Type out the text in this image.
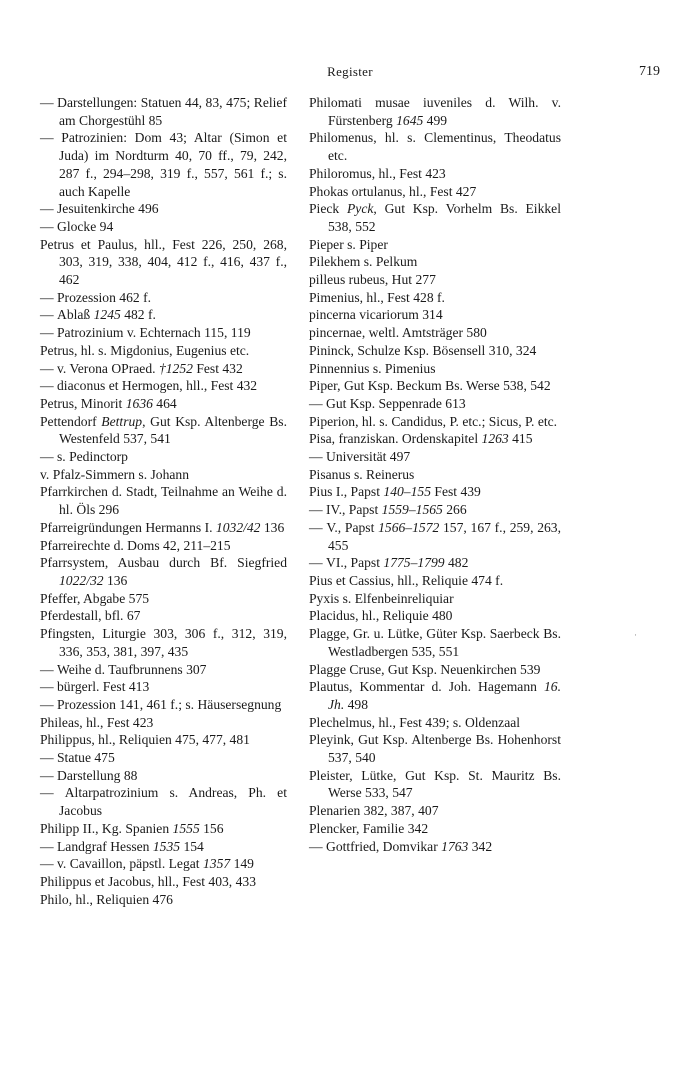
Register	719
— Darstellungen: Statuen 44, 83, 475; Relief am Chorgestühl 85
— Patrozinien: Dom 43; Altar (Simon et Juda) im Nordturm 40, 70 ff., 79, 242, 287 f., 294–298, 319 f., 557, 561 f.; s. auch Kapelle
— Jesuitenkirche 496
— Glocke 94
Petrus et Paulus, hll., Fest 226, 250, 268, 303, 319, 338, 404, 412 f., 416, 437 f., 462
— Prozession 462 f.
— Ablaß 1245 482 f.
— Patrozinium v. Echternach 115, 119
Petrus, hl. s. Migdonius, Eugenius etc.
— v. Verona OPraed. †1252 Fest 432
— diaconus et Hermogen, hll., Fest 432
Petrus, Minorit 1636 464
Pettendorf Bettrup, Gut Ksp. Altenberge Bs. Westenfeld 537, 541
— s. Pedinctorp
v. Pfalz-Simmern s. Johann
Pfarrkirchen d. Stadt, Teilnahme an Weihe d. hl. Öls 296
Pfarreigründungen Hermanns I. 1032/42 136
Pfarreirechte d. Doms 42, 211–215
Pfarrsystem, Ausbau durch Bf. Siegfried 1022/32 136
Pfeffer, Abgabe 575
Pferdestall, bfl. 67
Pfingsten, Liturgie 303, 306 f., 312, 319, 336, 353, 381, 397, 435
— Weihe d. Taufbrunnens 307
— bürgerl. Fest 413
— Prozession 141, 461 f.; s. Häusersegnung
Phileas, hl., Fest 423
Philippus, hl., Reliquien 475, 477, 481
— Statue 475
— Darstellung 88
— Altarpatrozinium s. Andreas, Ph. et Jacobus
Philipp II., Kg. Spanien 1555 156
— Landgraf Hessen 1535 154
— v. Cavaillon, päpstl. Legat 1357 149
Philippus et Jacobus, hll., Fest 403, 433
Philo, hl., Reliquien 476
Philomati musae iuveniles d. Wilh. v. Fürstenberg 1645 499
Philomenus, hl. s. Clementinus, Theodatus etc.
Philoromus, hl., Fest 423
Phokas ortulanus, hl., Fest 427
Pieck Pyck, Gut Ksp. Vorhelm Bs. Eikkel 538, 552
Pieper s. Piper
Pilekhem s. Pelkum
pilleus rubeus, Hut 277
Pimenius, hl., Fest 428 f.
pincerna vicariorum 314
pincernae, weltl. Amtsträger 580
Pininck, Schulze Ksp. Bösensell 310, 324
Pinnennius s. Pimenius
Piper, Gut Ksp. Beckum Bs. Werse 538, 542
— Gut Ksp. Seppenrade 613
Piperion, hl. s. Candidus, P. etc.; Sicus, P. etc.
Pisa, franziskan. Ordenskapitel 1263 415
— Universität 497
Pisanus s. Reinerus
Pius I., Papst 140–155 Fest 439
— IV., Papst 1559–1565 266
— V., Papst 1566–1572 157, 167 f., 259, 263, 455
— VI., Papst 1775–1799 482
Pius et Cassius, hll., Reliquie 474 f.
Pyxis s. Elfenbeinreliquiar
Placidus, hl., Reliquie 480
Plagge, Gr. u. Lütke, Güter Ksp. Saerbeck Bs. Westladbergen 535, 551
Plagge Cruse, Gut Ksp. Neuenkirchen 539
Plautus, Kommentar d. Joh. Hagemann 16. Jh. 498
Plechelmus, hl., Fest 439; s. Oldenzaal
Pleyink, Gut Ksp. Altenberge Bs. Hohenhorst 537, 540
Pleister, Lütke, Gut Ksp. St. Mauritz Bs. Werse 533, 547
Plenarien 382, 387, 407
Plencker, Familie 342
— Gottfried, Domvikar 1763 342
·
